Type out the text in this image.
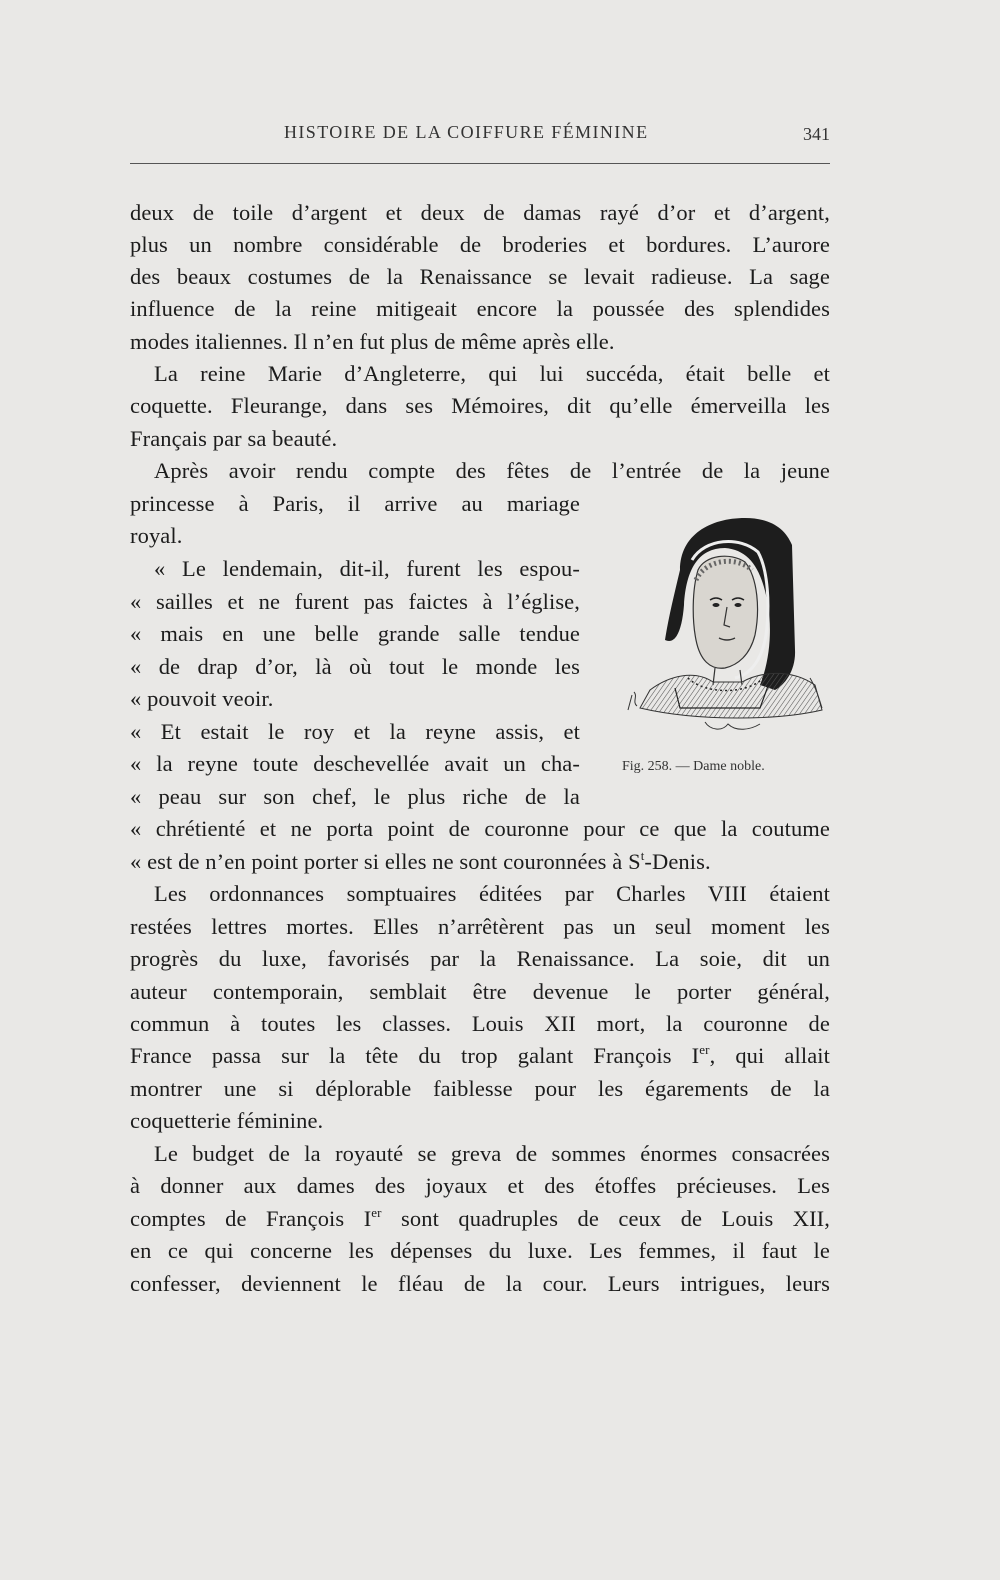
HISTOIRE DE LA COIFFURE FÉMININE	341
deux de toile d’argent et deux de damas rayé d’or et d’argent,
plus un nombre considérable de broderies et bordures. L’aurore
des beaux costumes de la Renaissance se levait radieuse. La sage
influence de la reine mitigeait encore la poussée des splendides
modes italiennes. Il n’en fut plus de même après elle.
La reine Marie d’Angleterre, qui lui succéda, était belle et
coquette. Fleurange, dans ses Mémoires, dit qu’elle émerveilla les
Français par sa beauté.
Après avoir rendu compte des fêtes de l’entrée de la jeune
princesse à Paris, il arrive au mariage
royal.
« Le lendemain, dit-il, furent les espou-
« sailles et ne furent pas faictes à l’église,
« mais en une belle grande salle tendue
« de drap d’or, là où tout le monde les
« pouvoit veoir.
« Et estait le roy et la reyne assis, et
« la reyne toute deschevellée avait un cha-
« peau sur son chef, le plus riche de la
« chrétienté et ne porta point de couronne pour ce que la coutume
« est de n’en point porter si elles ne sont couronnées à $S^t$-Denis.
Les ordonnances somptuaires éditées par Charles VIII étaient
restées lettres mortes. Elles n’arrêtèrent pas un seul moment les
progrès du luxe, favorisés par la Renaissance. La soie, dit un
auteur contemporain, semblait être devenue le porter général,
commun à toutes les classes. Louis XII mort, la couronne de
France passa sur la tête du trop galant François Ier, qui allait
montrer une si déplorable faiblesse pour les égarements de la
coquetterie féminine.
Le budget de la royauté se greva de sommes énormes consacrées
à donner aux dames des joyaux et des étoffes précieuses. Les
comptes de François Ier sont quadruples de ceux de Louis XII,
en ce qui concerne les dépenses du luxe. Les femmes, il faut le
confesser, deviennent le fléau de la cour. Leurs intrigues, leurs
Fig. 258. — Dame noble.
